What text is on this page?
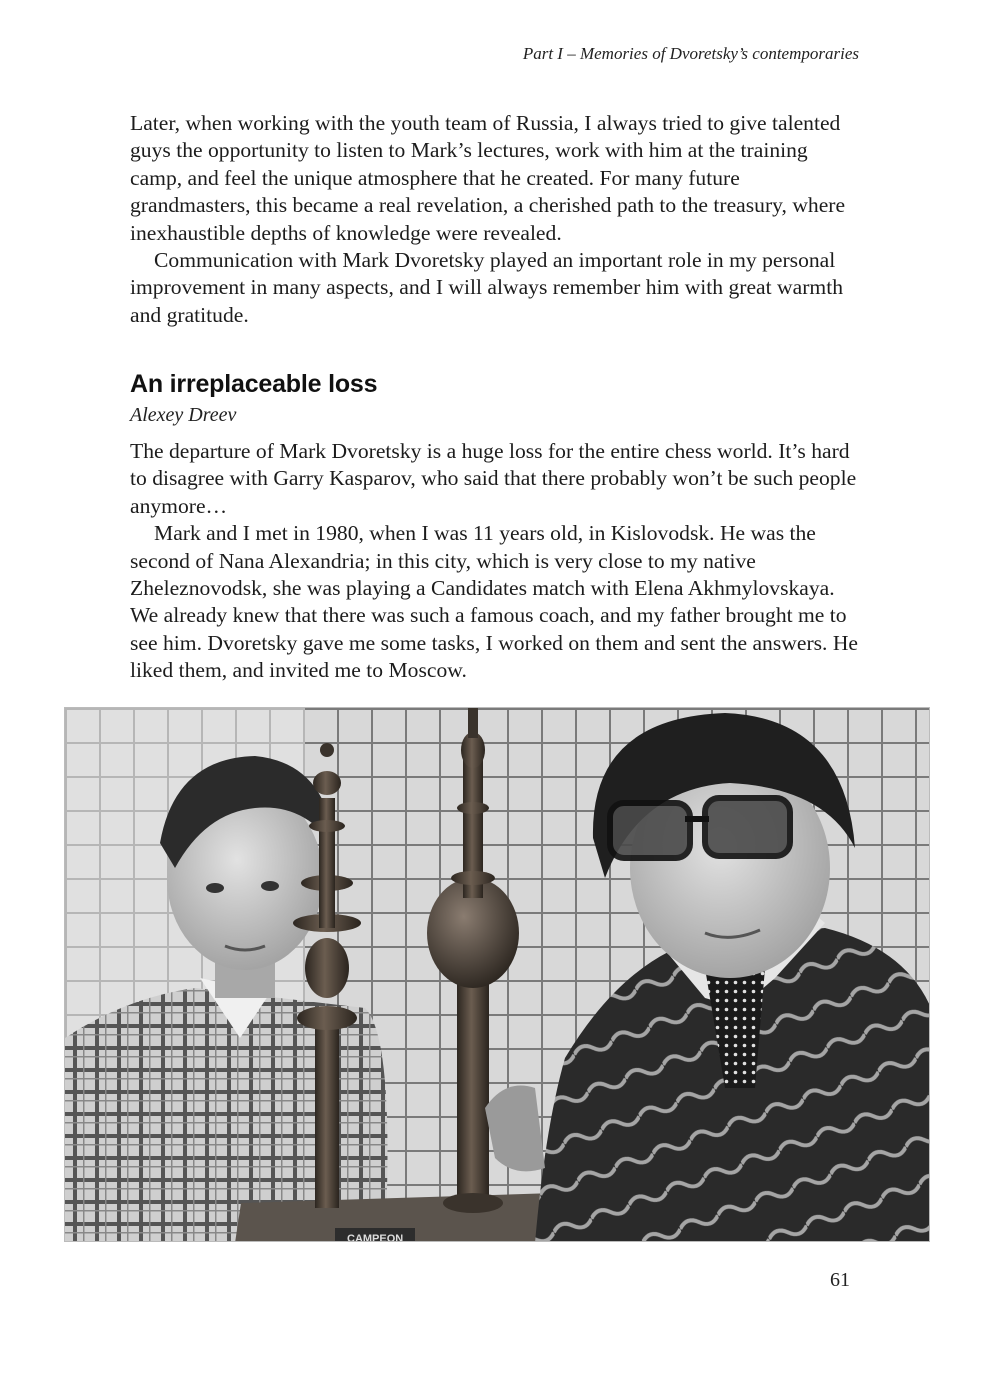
Part I – Memories of Dvoretsky’s contemporaries

Later, when working with the youth team of Russia, I always tried to give talented guys the opportunity to listen to Mark’s lectures, work with him at the training camp, and feel the unique atmosphere that he created. For many future grandmasters, this became a real revelation, a cherished path to the treasury, where inexhaustible depths of knowledge were revealed.

Communication with Mark Dvoretsky played an important role in my personal improvement in many aspects, and I will always remember him with great warmth and gratitude.

An irreplaceable loss
Alexey Dreev

The departure of Mark Dvoretsky is a huge loss for the entire chess world. It’s hard to disagree with Garry Kasparov, who said that there probably won’t be such people anymore…

Mark and I met in 1980, when I was 11 years old, in Kislovodsk. He was the second of Nana Alexandria; in this city, which is very close to my native Zheleznovodsk, she was playing a Candidates match with Elena Akhmylovskaya. We already knew that there was such a famous coach, and my father brought me to see him. Dvoretsky gave me some tasks, I worked on them and sent the answers. He liked them, and invited me to Moscow.

CAMPEON
61
